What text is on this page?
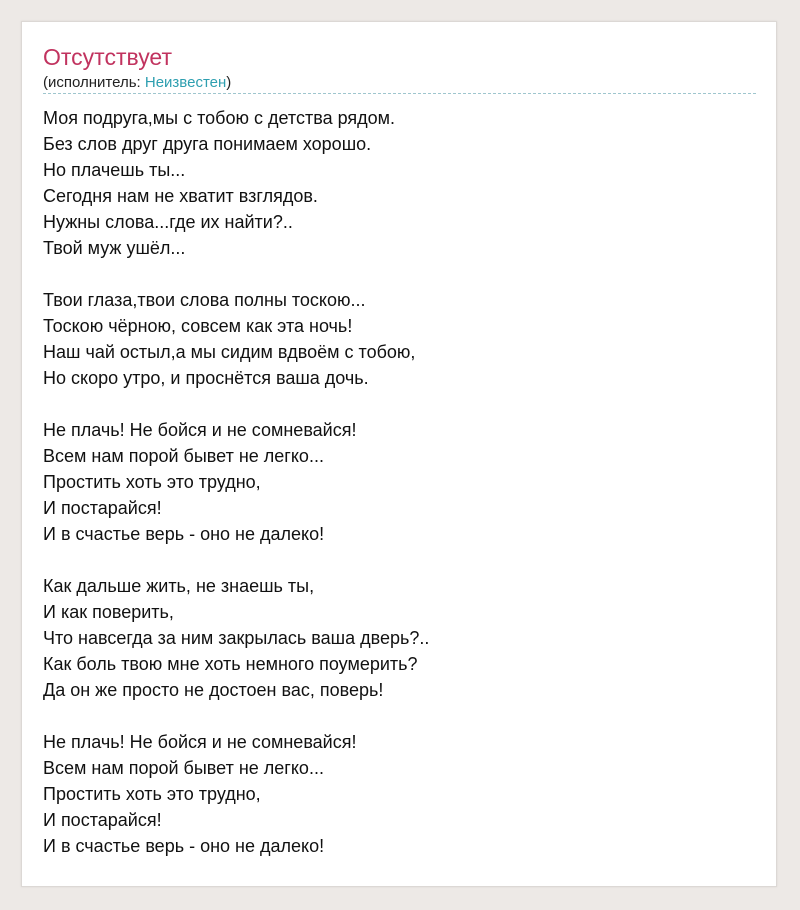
Отсутствует
(исполнитель: Неизвестен)
Моя подруга,мы с тобою с детства рядом.
Без слов друг друга понимаем хорошо.
Но плачешь ты...
Сегодня нам не хватит взглядов.
Нужны слова...где их найти?..
Твой муж ушёл...
Твои глаза,твои слова полны тоскою...
Тоскою чёрною, совсем как эта ночь!
Наш чай остыл,а мы сидим вдвоём с тобою,
Но скоро утро, и проснётся ваша дочь.
Не плачь! Не бойся и не сомневайся!
Всем нам порой бывет не легко...
Простить хоть это трудно,
И постарайся!
И в счастье верь - оно не далеко!
Как дальше жить, не знаешь ты,
И как поверить,
Что навсегда за ним закрылась ваша дверь?..
Как боль твою мне хоть немного поумерить?
Да он же просто не достоен вас, поверь!
Не плачь! Не бойся и не сомневайся!
Всем нам порой бывет не легко...
Простить хоть это трудно,
И постарайся!
И в счастье верь - оно не далеко!
